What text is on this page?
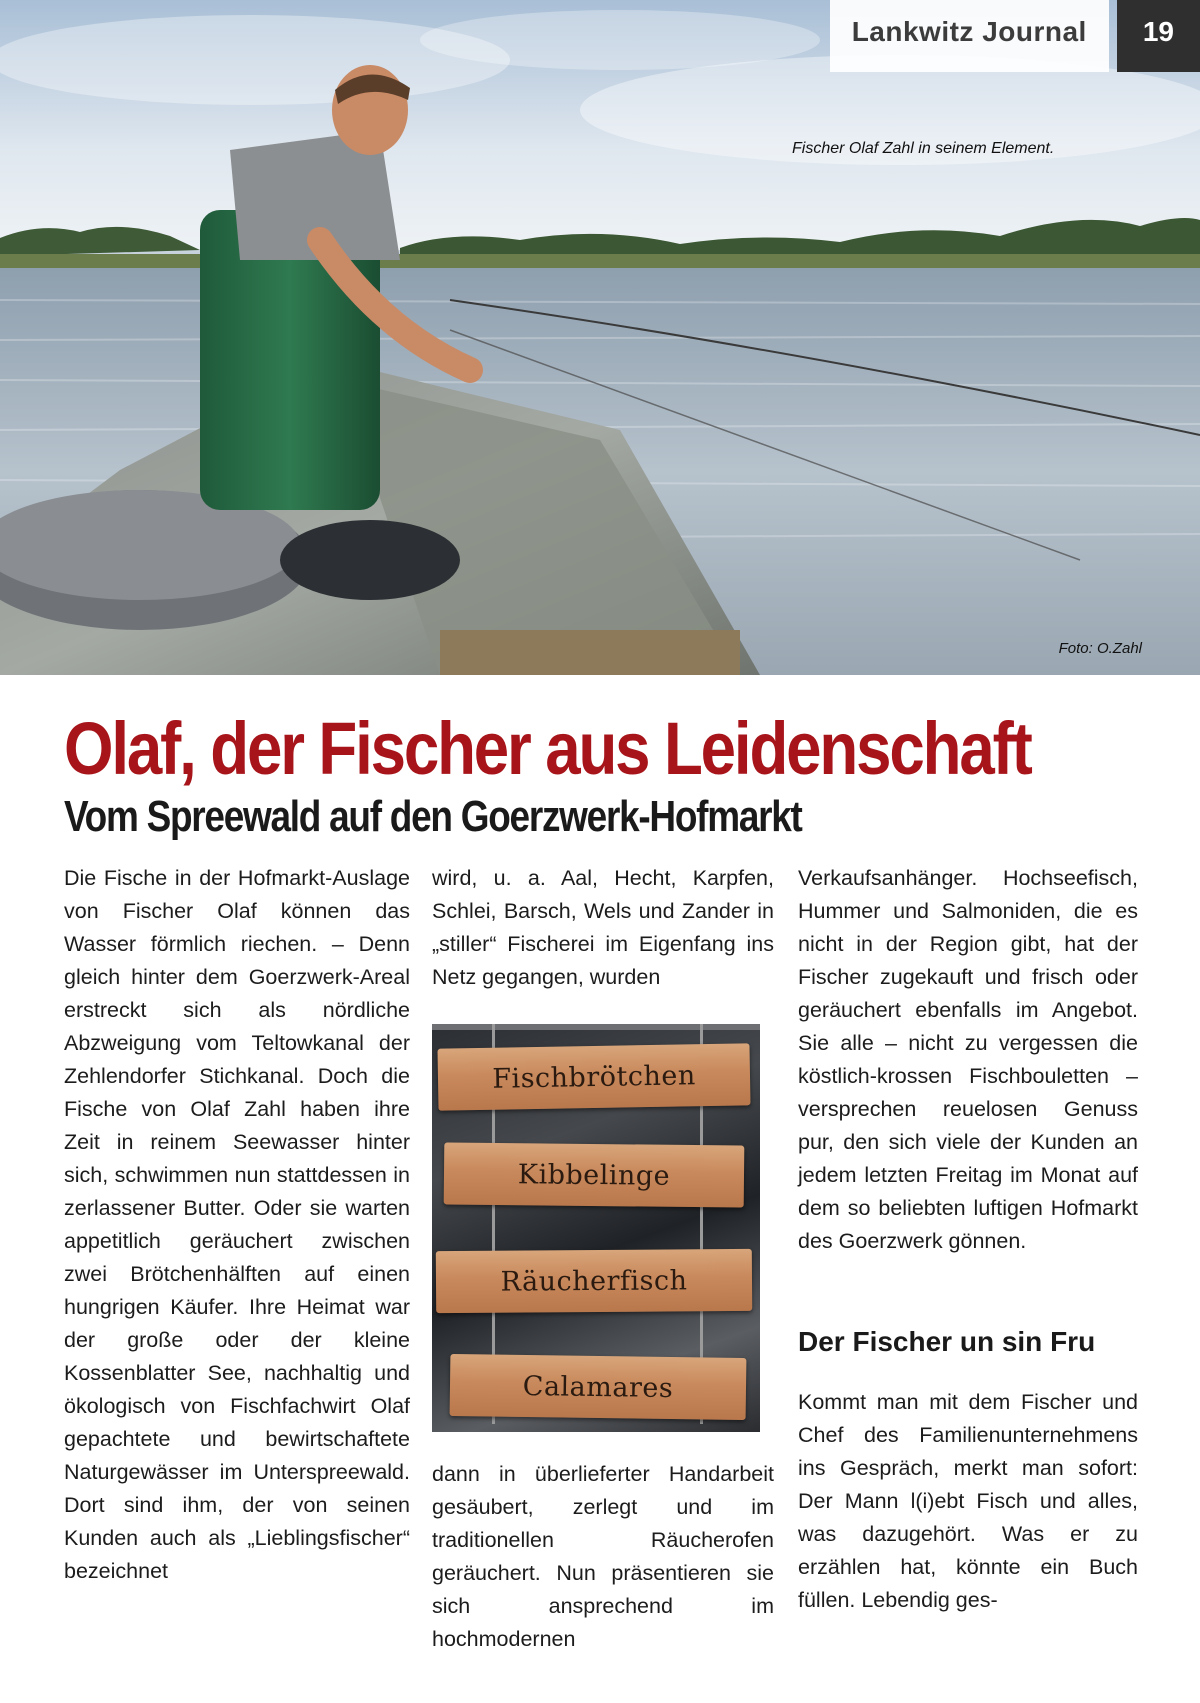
Lankwitz Journal	19
Fischer Olaf Zahl in seinem Element.
Foto: O.Zahl
Olaf, der Fischer aus Leidenschaft
Vom Spreewald auf den Goerzwerk-Hofmarkt

Die Fische in der Hofmarkt-Auslage von Fischer Olaf können das Wasser förmlich riechen. – Denn gleich hinter dem Goerzwerk-Areal erstreckt sich als nördliche Abzweigung vom Teltowkanal der Zehlendorfer Stichkanal. Doch die Fische von Olaf Zahl haben ihre Zeit in reinem Seewasser hinter sich, schwimmen nun stattdessen in zerlassener Butter. Oder sie warten appetitlich geräuchert zwischen zwei Brötchenhälften auf einen hungrigen Käufer. Ihre Heimat war der große oder der kleine Kossenblatter See, nachhaltig und ökologisch von Fischfachwirt Olaf gepachtete und bewirtschaftete Naturgewässer im Unterspreewald. Dort sind ihm, der von seinen Kunden auch als „Lieblingsfischer“ bezeichnet

wird, u. a. Aal, Hecht, Karpfen, Schlei, Barsch, Wels und Zander in „stiller“ Fischerei im Eigenfang ins Netz gegangen, wurden

Fischbrötchen
Kibbelinge
Räucherfisch
Calamares

dann in überlieferter Handarbeit gesäubert, zerlegt und im traditionellen Räucherofen geräuchert. Nun präsentieren sie sich ansprechend im hochmodernen

Verkaufsanhänger. Hochseefisch, Hummer und Salmoniden, die es nicht in der Region gibt, hat der Fischer zugekauft und frisch oder geräuchert ebenfalls im Angebot. Sie alle – nicht zu vergessen die köstlich-krossen Fischbouletten – versprechen reuelosen Genuss pur, den sich viele der Kunden an jedem letzten Freitag im Monat auf dem so beliebten luftigen Hofmarkt des Goerzwerk gönnen.

Der Fischer un sin Fru

Kommt man mit dem Fischer und Chef des Familienunternehmens ins Gespräch, merkt man sofort: Der Mann l(i)ebt Fisch und alles, was dazugehört. Was er zu erzählen hat, könnte ein Buch füllen. Lebendig ges-
